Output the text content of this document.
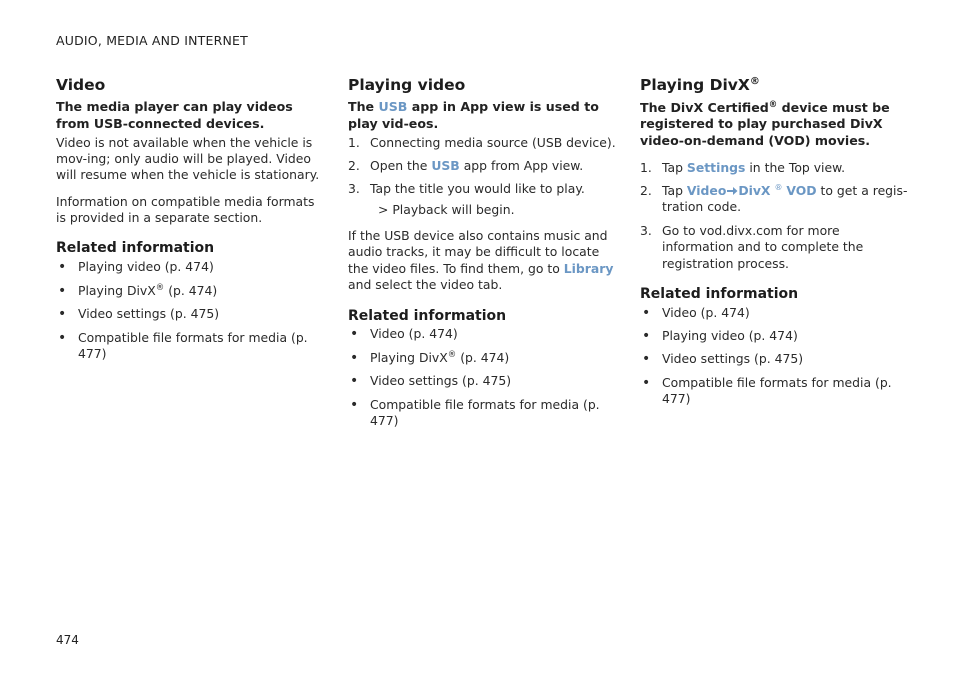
AUDIO, MEDIA AND INTERNET
Video
The media player can play videos from USB-connected devices.

Video is not available when the vehicle is mov-ing; only audio will be played. Video will resume when the vehicle is stationary.

Information on compatible media formats is provided in a separate section.

Related information
• Playing video (p. 474)
• Playing DivX® (p. 474)
• Video settings (p. 475)
• Compatible file formats for media (p. 477)
Playing video
The USB app in App view is used to play vid-eos.
1. Connecting media source (USB device).
2. Open the USB app from App view.
3. Tap the title you would like to play.
> Playback will begin.

If the USB device also contains music and audio tracks, it may be difficult to locate the video files. To find them, go to Library and select the video tab.

Related information
• Video (p. 474)
• Playing DivX® (p. 474)
• Video settings (p. 475)
• Compatible file formats for media (p. 477)
Playing DivX®
The DivX Certified® device must be registered to play purchased DivX video-on-demand (VOD) movies.
1. Tap Settings in the Top view.
2. Tap Video DivX ® VOD to get a regis-tration code.
3. Go to vod.divx.com for more information and to complete the registration process.
Related information
• Video (p. 474)
• Playing video (p. 474)
• Video settings (p. 475)
• Compatible file formats for media (p. 477)
474
